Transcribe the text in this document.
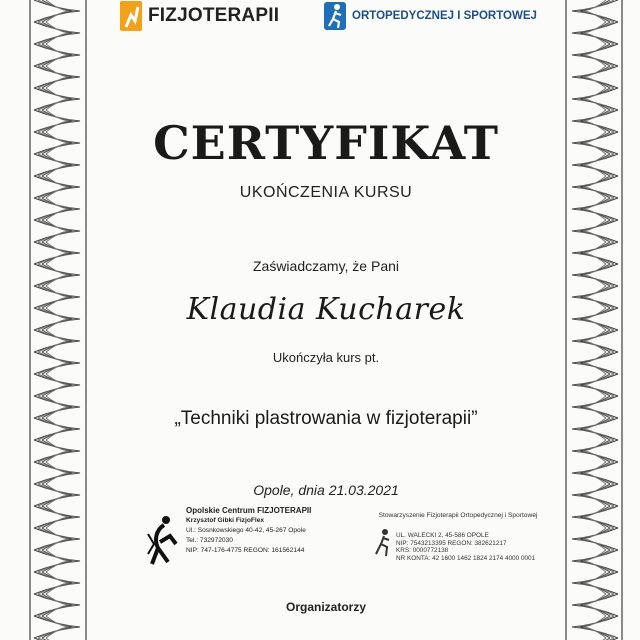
FIZJOTERAPII	ORTOPEDYCZNEJ I SPORTOWEJ
CERTYFIKAT
UKOŃCZENIA KURSU
Zaświadczamy, że Pani
Klaudia Kucharek
Ukończyła kurs pt.
„Techniki plastrowania w fizjoterapii”
Opole, dnia 21.03.2021
Opolskie Centrum FIZJOTERAPII
Krzysztof Gibki FizjoFlex
Ul.: Sosnkowskiego 40-42, 45-267 Opole
Tel.: 732972030
NIP: 747-176-4775 REGON: 161562144
Stowarzyszenie Fizjoterapii Ortopedycznej i Sportowej
UL. WALECKI 2, 45-586 OPOLE
NIP: 7543213395 REGON: 382621217
KRS: 0000772138
NR KONTA: 42 1600 1462 1824 2174 4000 0001
Organizatorzy
